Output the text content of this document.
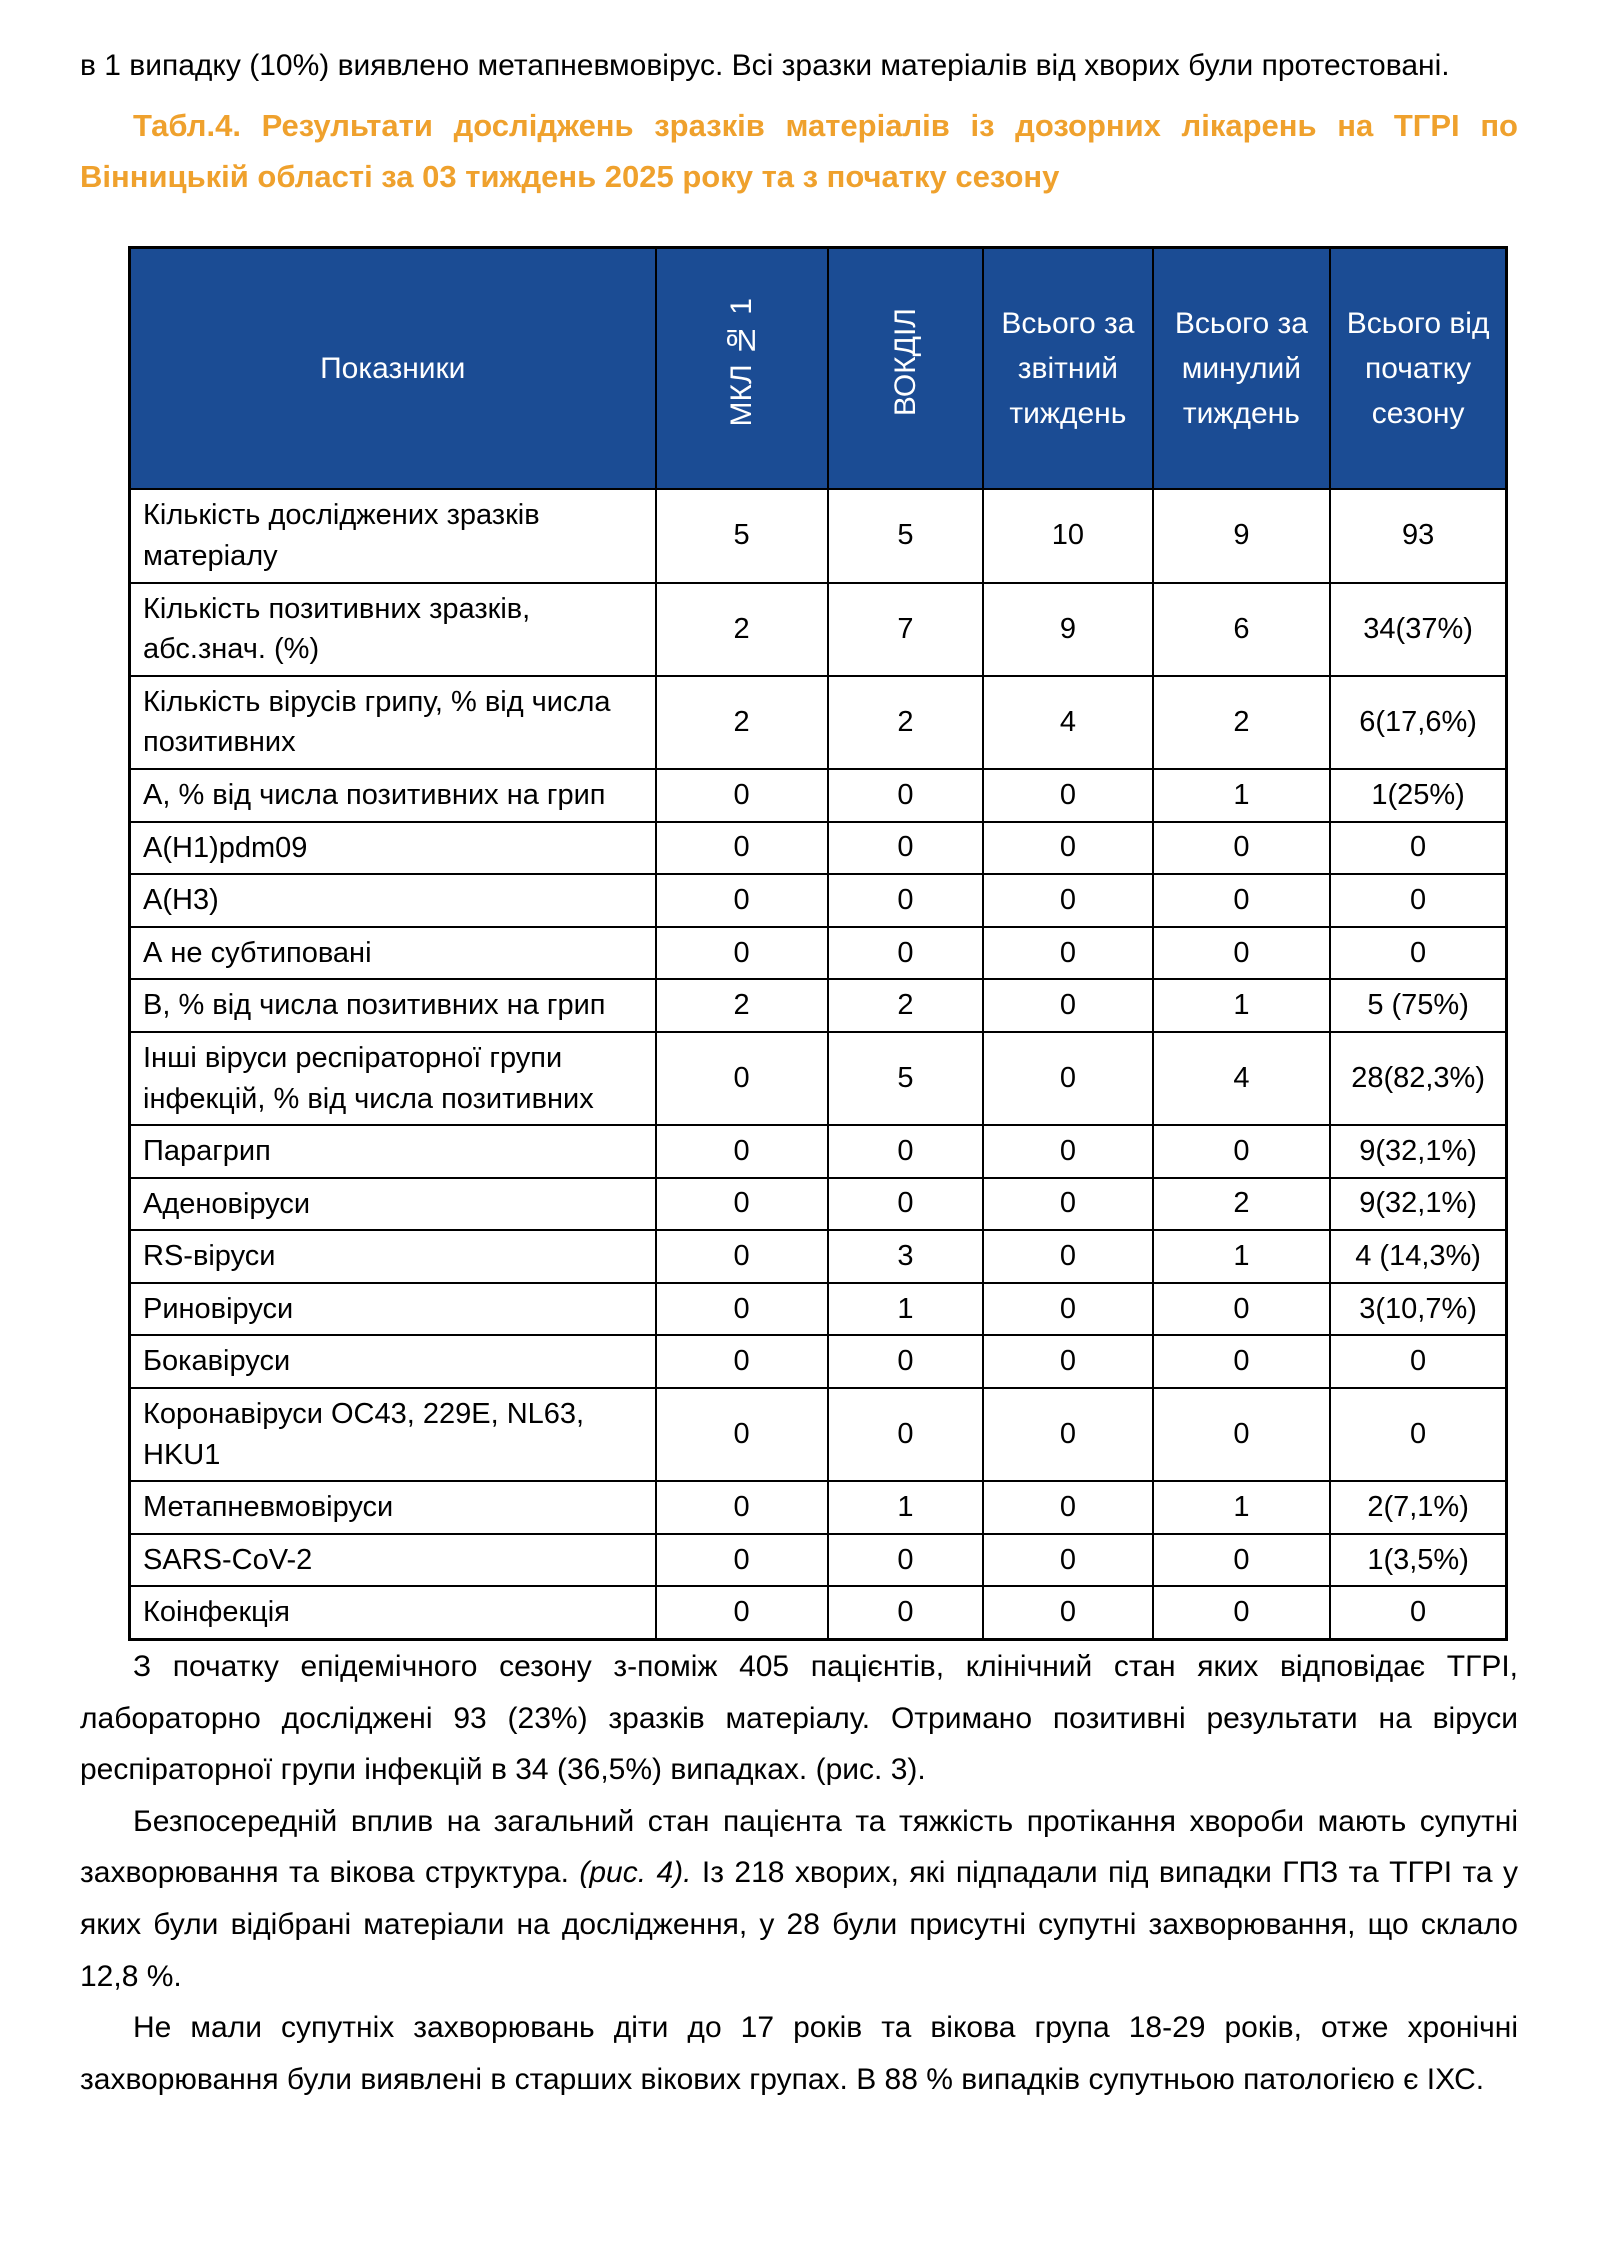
в 1 випадку (10%) виявлено метапневмовірус. Всі зразки матеріалів від хворих були протестовані.

Табл.4. Результати досліджень зразків матеріалів із дозорних лікарень на ТГРІ по Вінницькій області за 03 тиждень 2025 року та з початку сезону

Показники	МКЛ № 1	ВОКДІЛ	Всього за звітний тиждень	Всього за минулий тиждень	Всього від початку сезону
Кількість досліджених зразків матеріалу	5	5	10	9	93
Кількість позитивних зразків, абс.знач. (%)	2	7	9	6	34(37%)
Кількість вірусів грипу, % від числа позитивних	2	2	4	2	6(17,6%)
А, % від числа позитивних на грип	0	0	0	1	1(25%)
A(H1)pdm09	0	0	0	0	0
A(H3)	0	0	0	0	0
А не субтиповані	0	0	0	0	0
В, % від числа позитивних на грип	2	2	0	1	5 (75%)
Інші віруси респіраторної групи інфекцій, % від числа позитивних	0	5	0	4	28(82,3%)
Парагрип	0	0	0	0	9(32,1%)
Аденовіруси	0	0	0	2	9(32,1%)
RS-віруси	0	3	0	1	4 (14,3%)
Риновіруси	0	1	0	0	3(10,7%)
Бокавіруси	0	0	0	0	0
Коронавіруси ОС43, 229E, NL63, HKU1	0	0	0	0	0
Метапневмовіруси	0	1	0	1	2(7,1%)
SARS-CoV-2	0	0	0	0	1(3,5%)
Коінфекція	0	0	0	0	0

З початку епідемічного сезону з-поміж 405 пацієнтів, клінічний стан яких відповідає ТГРІ, лабораторно досліджені 93 (23%) зразків матеріалу. Отримано позитивні результати на віруси респіраторної групи інфекцій в 34 (36,5%) випадках. (рис. 3).

Безпосередній вплив на загальний стан пацієнта та тяжкість протікання хвороби мають супутні захворювання та вікова структура. (рис. 4). Із 218 хворих, які підпадали під випадки ГПЗ та ТГРІ та у яких були відібрані матеріали на дослідження, у 28 були присутні супутні захворювання, що склало 12,8 %.

Не мали супутніх захворювань діти до 17 років та вікова група 18-29 років, отже хронічні захворювання були виявлені в старших вікових групах. В 88 % випадків супутньою патологією є ІХС.
